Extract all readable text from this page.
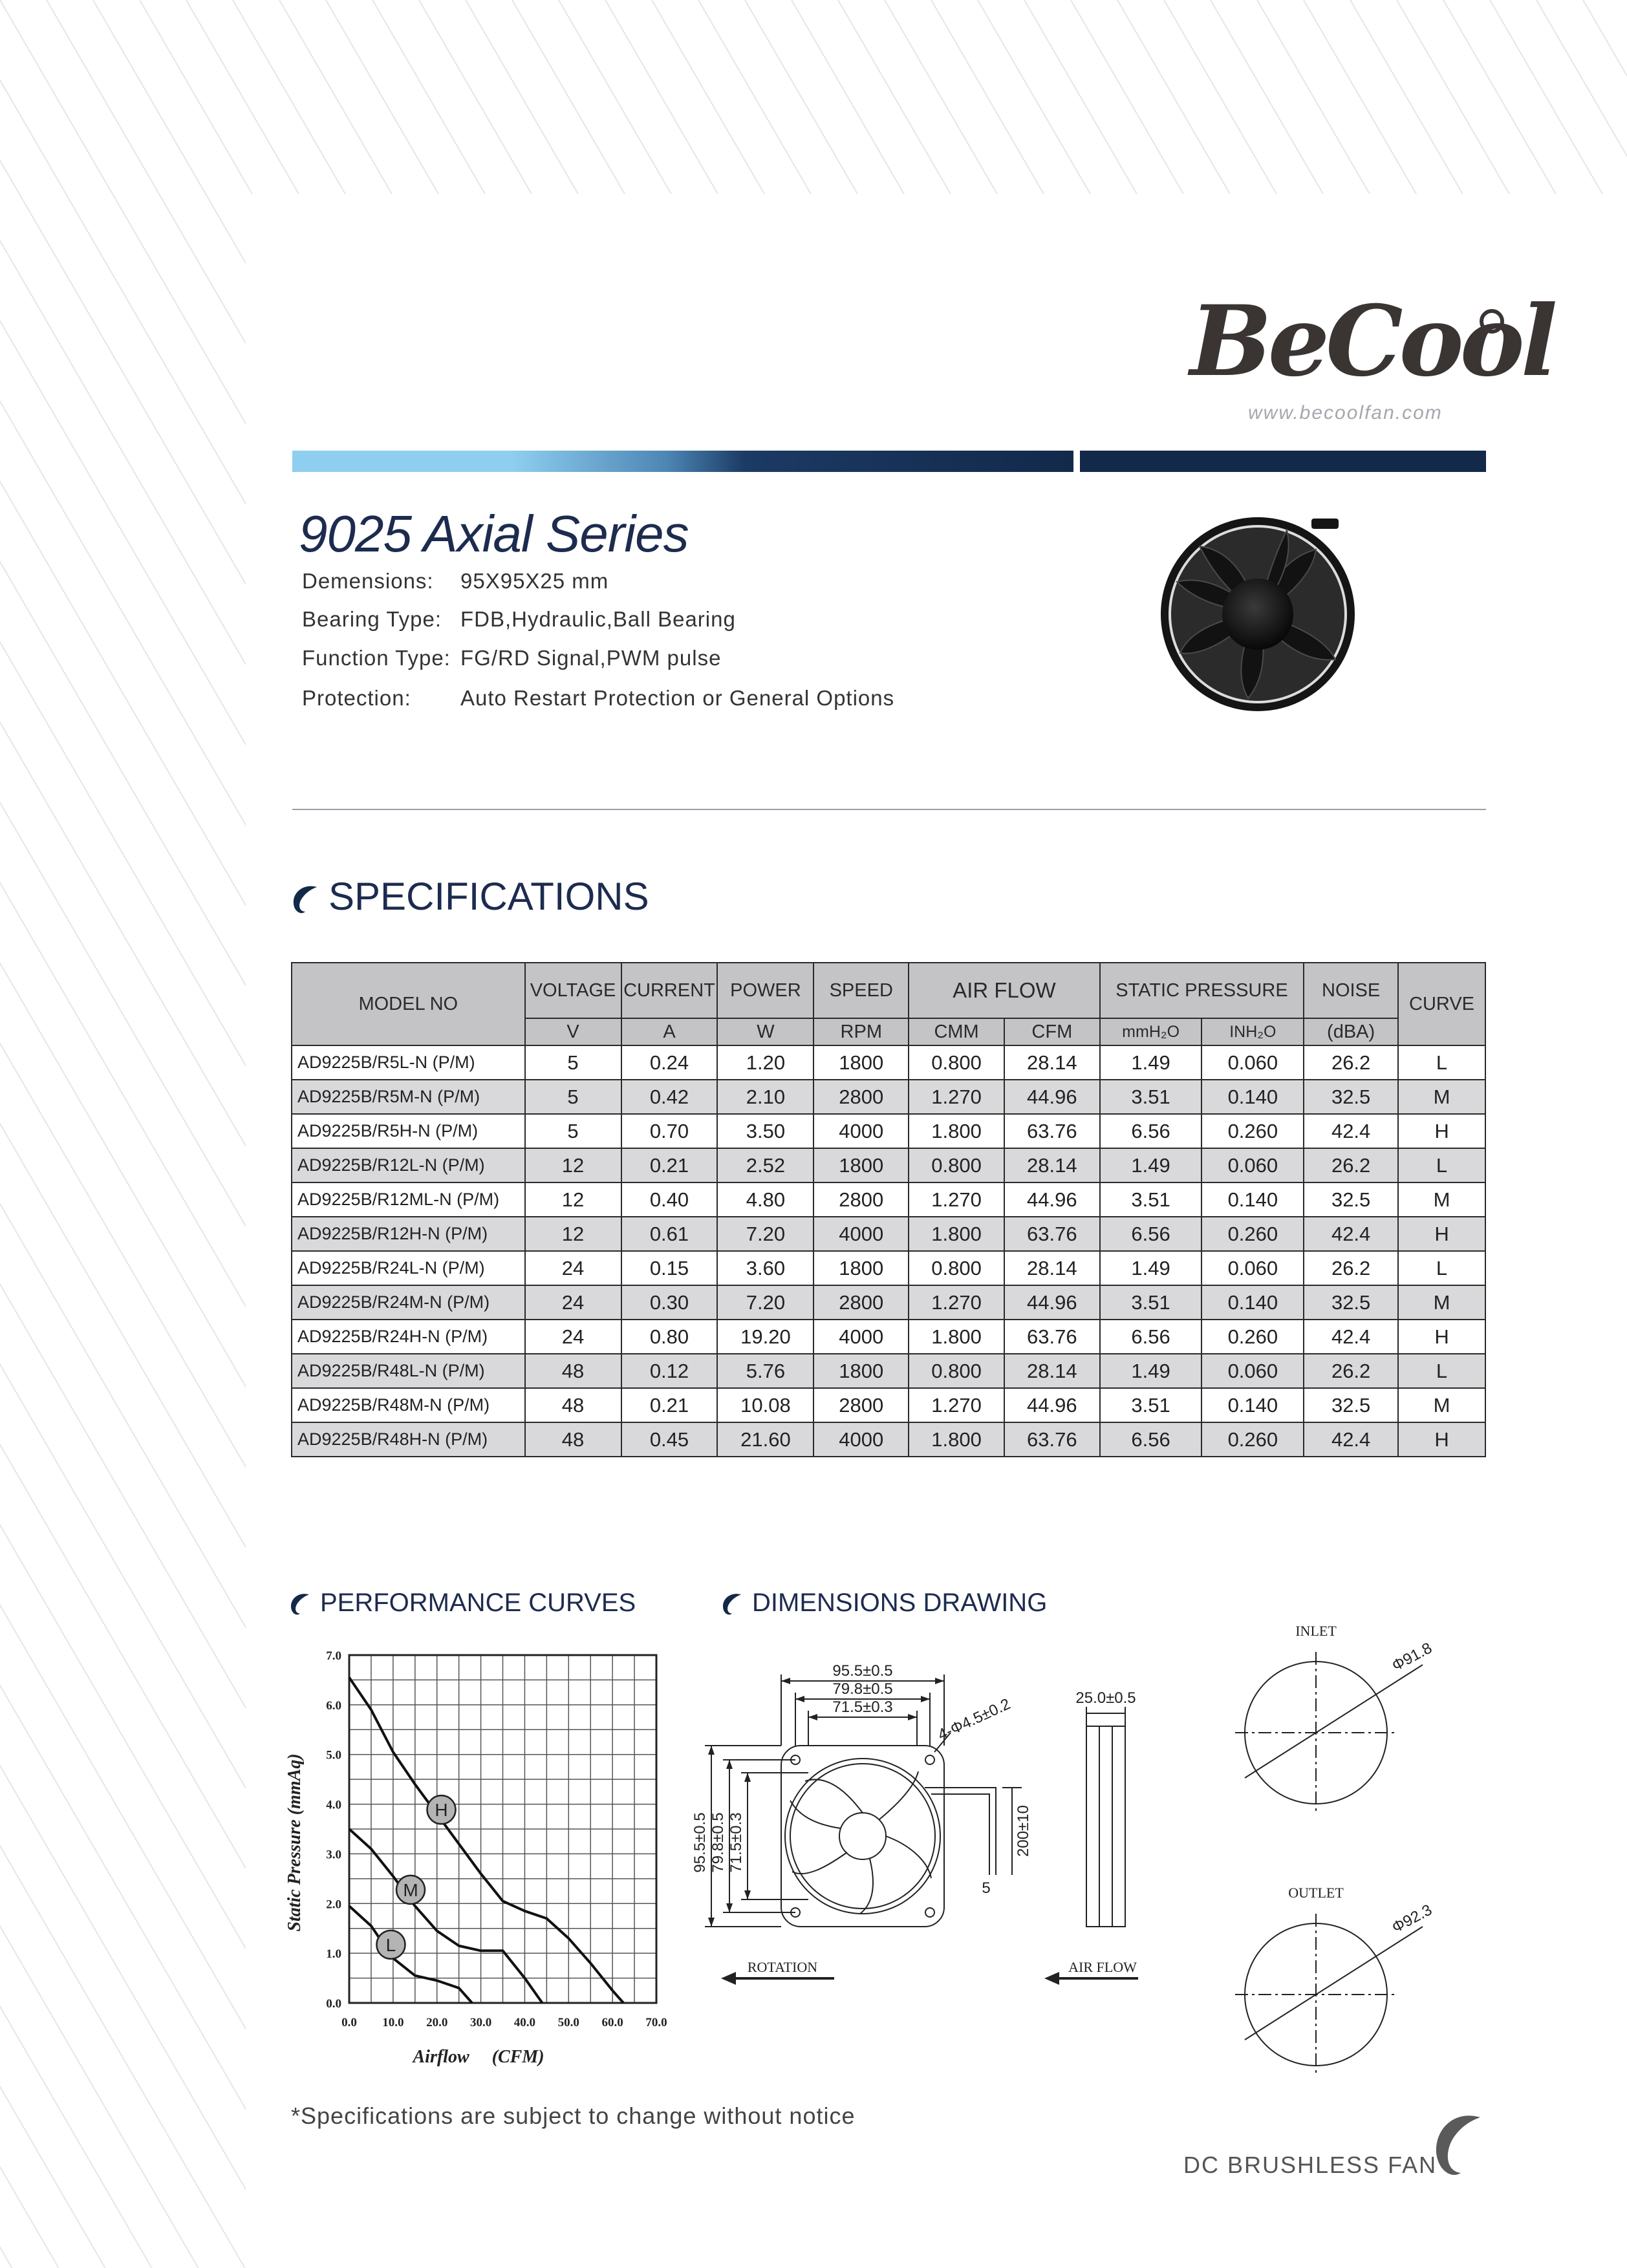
BeCool
www.becoolfan.com
9025 Axial Series
Demensions: 95X95X25 mm
Bearing Type: FDB,Hydraulic,Ball Bearing
Function Type: FG/RD Signal,PWM pulse
Protection: Auto Restart Protection or General Options
SPECIFICATIONS
MODEL NO	VOLTAGE	CURRENT	POWER	SPEED	AIR FLOW		STATIC PRESSURE		NOISE	CURVE
	V	A	W	RPM	CMM	CFM	mmH₂O	INH₂O	(dBA)	
AD9225B/R5L-N (P/M)	5	0.24	1.20	1800	0.800	28.14	1.49	0.060	26.2	L
AD9225B/R5M-N (P/M)	5	0.42	2.10	2800	1.270	44.96	3.51	0.140	32.5	M
AD9225B/R5H-N (P/M)	5	0.70	3.50	4000	1.800	63.76	6.56	0.260	42.4	H
AD9225B/R12L-N (P/M)	12	0.21	2.52	1800	0.800	28.14	1.49	0.060	26.2	L
AD9225B/R12ML-N (P/M)	12	0.40	4.80	2800	1.270	44.96	3.51	0.140	32.5	M
AD9225B/R12H-N (P/M)	12	0.61	7.20	4000	1.800	63.76	6.56	0.260	42.4	H
AD9225B/R24L-N (P/M)	24	0.15	3.60	1800	0.800	28.14	1.49	0.060	26.2	L
AD9225B/R24M-N (P/M)	24	0.30	7.20	2800	1.270	44.96	3.51	0.140	32.5	M
AD9225B/R24H-N (P/M)	24	0.80	19.20	4000	1.800	63.76	6.56	0.260	42.4	H
AD9225B/R48L-N (P/M)	48	0.12	5.76	1800	0.800	28.14	1.49	0.060	26.2	L
AD9225B/R48M-N (P/M)	48	0.21	10.08	2800	1.270	44.96	3.51	0.140	32.5	M
AD9225B/R48H-N (P/M)	48	0.45	21.60	4000	1.800	63.76	6.56	0.260	42.4	H
PERFORMANCE CURVES
0.0 10.0 20.0 30.0 40.0 50.0 60.0 70.0
0.0
1.0
2.0
3.0
4.0
5.0
6.0
7.0
H
M
L
Static Pressure (mmAq)
Airflow     (CFM)
DIMENSIONS DRAWING
95.5±0.5
79.8±0.5
71.5±0.3	4-Φ4.5±0.2
95.5±0.5 79.8±0.5 71.5±0.3	200±10
5
25.0±0.5
ROTATION	AIR FLOW
INLET
Φ91.8
OUTLET
Φ92.3
*Specifications are subject to change without notice
DC BRUSHLESS FAN
